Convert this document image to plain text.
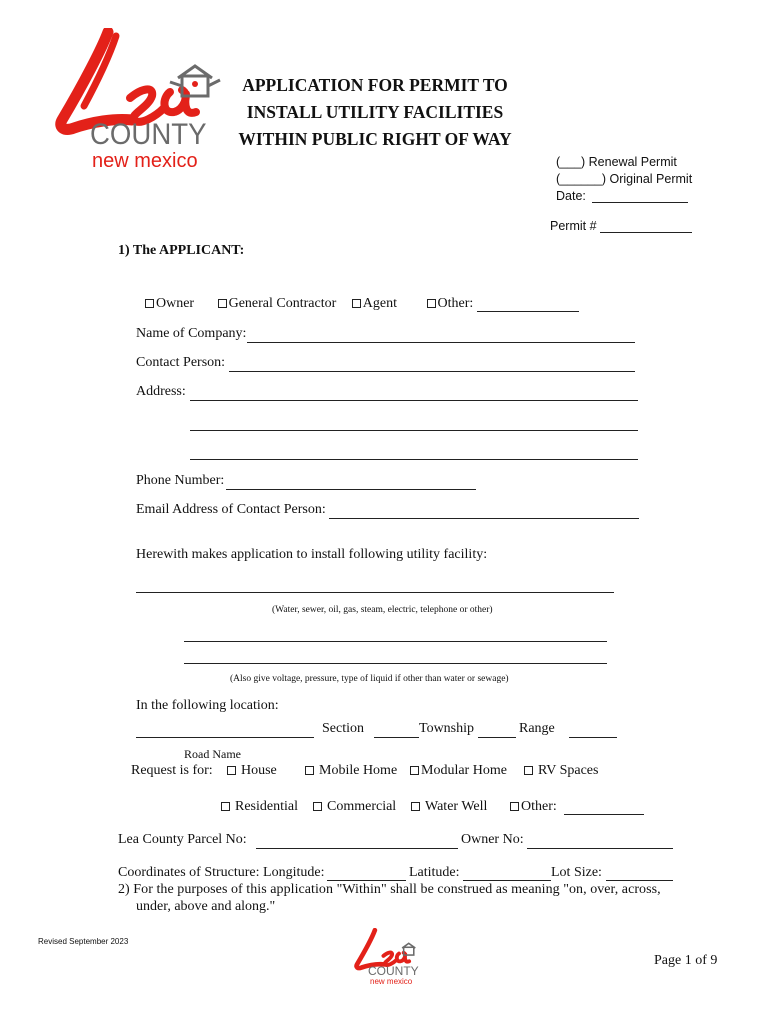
COUNTY
new mexico
APPLICATION FOR PERMIT TO
INSTALL UTILITY FACILITIES
WITHIN PUBLIC RIGHT OF WAY
(___) Renewal Permit
(______) Original Permit
Date:
Permit #
1) The APPLICANT:
Owner General Contractor Agent	Other:
Name of Company:
Contact Person:
Address:
Phone Number:
Email Address of Contact Person:
Herewith makes application to install following utility facility:
(Water, sewer, oil, gas, steam, electric, telephone or other)
(Also give voltage, pressure, type of liquid if other than water or sewage)
In the following location:
Section	Township	Range
Road Name
Request is for:	House	Mobile Home	Modular Home	RV Spaces
Residential	Commercial	Water Well	Other:
Lea County Parcel No:	Owner No:
Coordinates of Structure: Longitude:	Latitude:	Lot Size:
2) For the purposes of this application "Within" shall be construed as meaning "on, over, across,
under, above and along."
Revised September 2023
COUNTY
new mexico
Page 1 of 9
